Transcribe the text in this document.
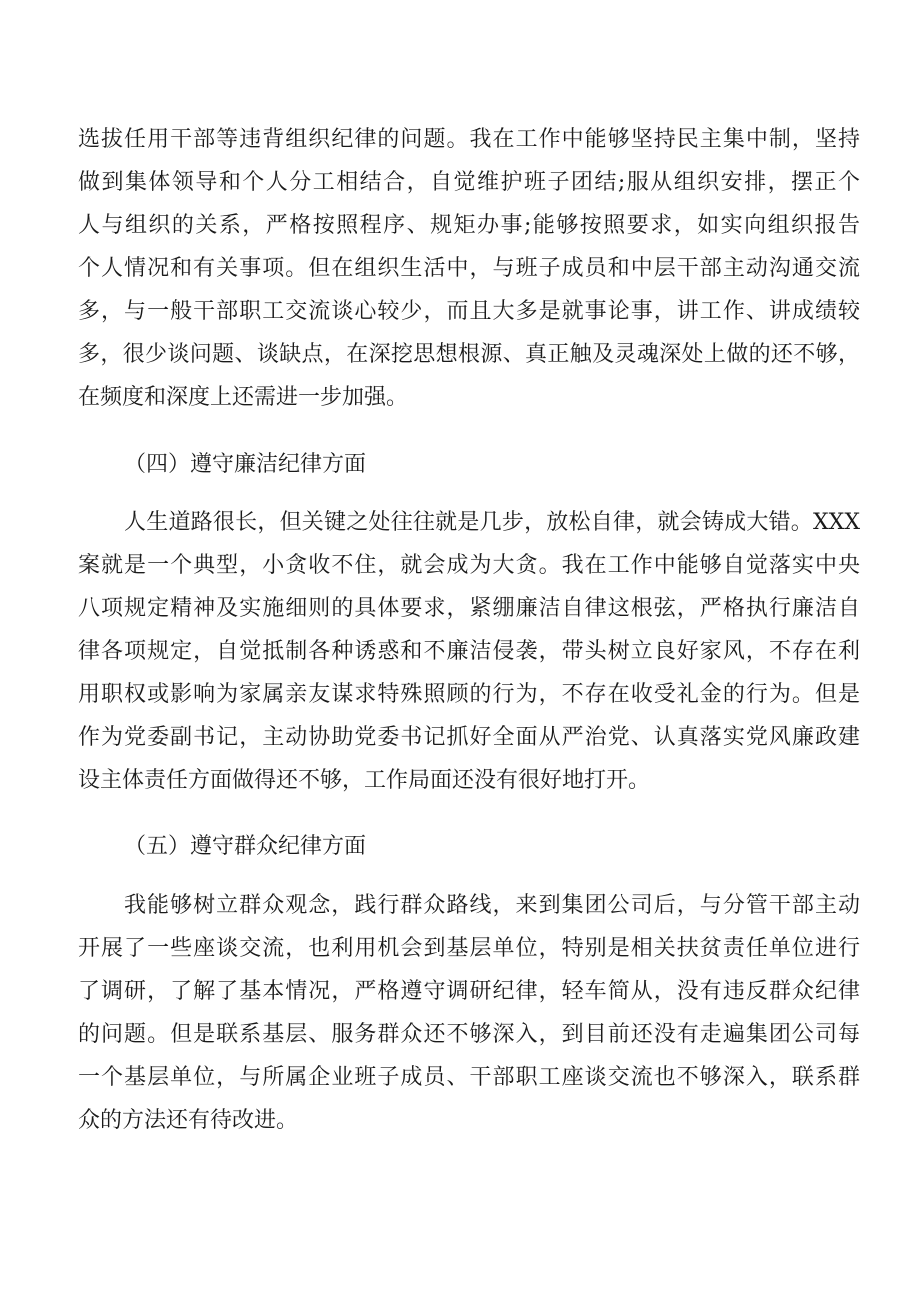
选拔任用干部等违背组织纪律的问题。我在工作中能够坚持民主集中制，坚持
做到集体领导和个人分工相结合，自觉维护班子团结;服从组织安排，摆正个
人与组织的关系，严格按照程序、规矩办事;能够按照要求，如实向组织报告
个人情况和有关事项。但在组织生活中，与班子成员和中层干部主动沟通交流
多，与一般干部职工交流谈心较少，而且大多是就事论事，讲工作、讲成绩较
多，很少谈问题、谈缺点，在深挖思想根源、真正触及灵魂深处上做的还不够，
在频度和深度上还需进一步加强。
（四）遵守廉洁纪律方面
人生道路很长，但关键之处往往就是几步，放松自律，就会铸成大错。XXX
案就是一个典型，小贪收不住，就会成为大贪。我在工作中能够自觉落实中央
八项规定精神及实施细则的具体要求，紧绷廉洁自律这根弦，严格执行廉洁自
律各项规定，自觉抵制各种诱惑和不廉洁侵袭，带头树立良好家风，不存在利
用职权或影响为家属亲友谋求特殊照顾的行为，不存在收受礼金的行为。但是
作为党委副书记，主动协助党委书记抓好全面从严治党、认真落实党风廉政建
设主体责任方面做得还不够，工作局面还没有很好地打开。
（五）遵守群众纪律方面
我能够树立群众观念，践行群众路线，来到集团公司后，与分管干部主动
开展了一些座谈交流，也利用机会到基层单位，特别是相关扶贫责任单位进行
了调研，了解了基本情况，严格遵守调研纪律，轻车简从，没有违反群众纪律
的问题。但是联系基层、服务群众还不够深入，到目前还没有走遍集团公司每
一个基层单位，与所属企业班子成员、干部职工座谈交流也不够深入，联系群
众的方法还有待改进。
